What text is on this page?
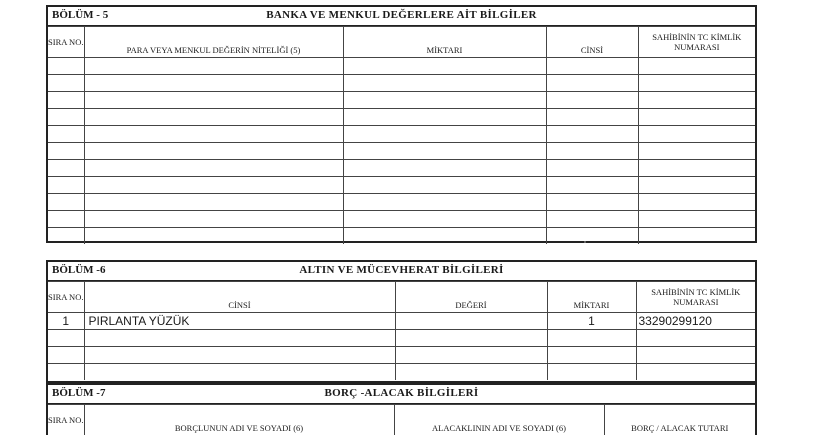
BÖLÜM - 5	BANKA VE MENKUL DEĞERLERE AİT BİLGİLER
SIRA NO.	PARA VEYA MENKUL DEĞERİN NİTELİĞİ (5)	MİKTARI	CİNSİ	SAHİBİNİN TC KİMLİK NUMARASI

BÖLÜM -6	ALTIN VE MÜCEVHERAT BİLGİLERİ
SIRA NO.	CİNSİ	DEĞERİ	MİKTARI	SAHİBİNİN TC KİMLİK NUMARASI
1	PIRLANTA YÜZÜK		1	33290299120

BÖLÜM -7	BORÇ -ALACAK BİLGİLERİ
SIRA NO.	BORÇLUNUN ADI VE SOYADI (6)	ALACAKLININ ADI VE SOYADI (6)	BORÇ / ALACAK TUTARI
